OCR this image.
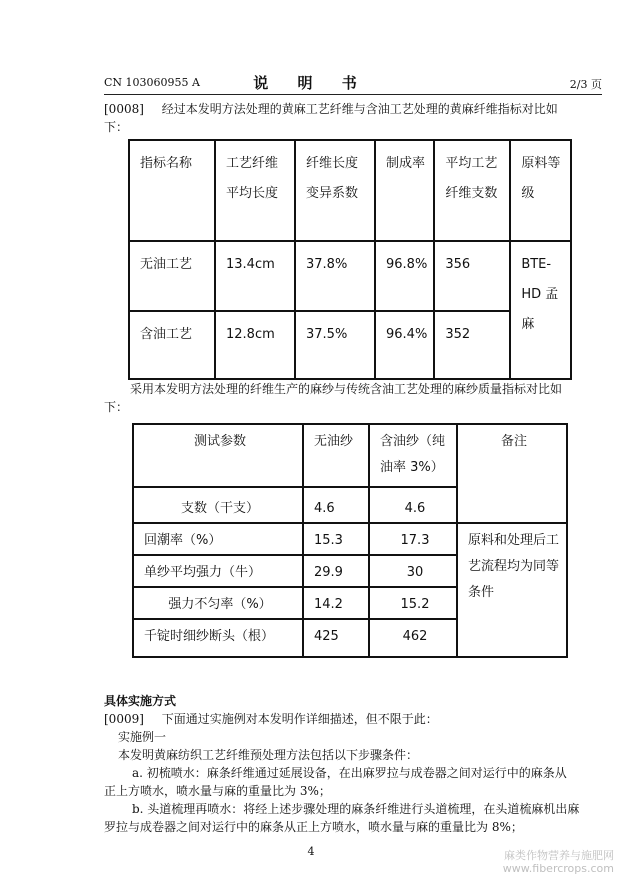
CN 103060955 A	说 明 书	2/3 页
[0008] 经过本发明方法处理的黄麻工艺纤维与含油工艺处理的黄麻纤维指标对比如
下：
指标名称	工艺纤维平均长度	纤维长度变异系数	制成率	平均工艺纤维支数	原料等级
无油工艺	13.4cm	37.8%	96.8%	356	BTE-HD 孟麻
含油工艺	12.8cm	37.5%	96.4%	352	
采用本发明方法处理的纤维生产的麻纱与传统含油工艺处理的麻纱质量指标对比如
下：
测试参数	无油纱	含油纱（纯油率 3%）	备注
支数（干支）	4.6	4.6	
回潮率（%）	15.3	17.3	原料和处理后工艺流程均为同等条件
单纱平均强力（牛）	29.9	30	
强力不匀率（%）	14.2	15.2	
千锭时细纱断头（根）	425	462	
具体实施方式
[0009] 下面通过实施例对本发明作详细描述，但不限于此：
实施例一
本发明黄麻纺织工艺纤维预处理方法包括以下步骤条件：
a. 初梳喷水：麻条纤维通过延展设备，在出麻罗拉与成卷器之间对运行中的麻条从
正上方喷水，喷水量与麻的重量比为 3%；
b. 头道梳理再喷水：将经上述步骤处理的麻条纤维进行头道梳理，在头道梳麻机出麻
罗拉与成卷器之间对运行中的麻条从正上方喷水，喷水量与麻的重量比为 8%；
4	麻类作物营养与施肥网
www.fibercrops.com
